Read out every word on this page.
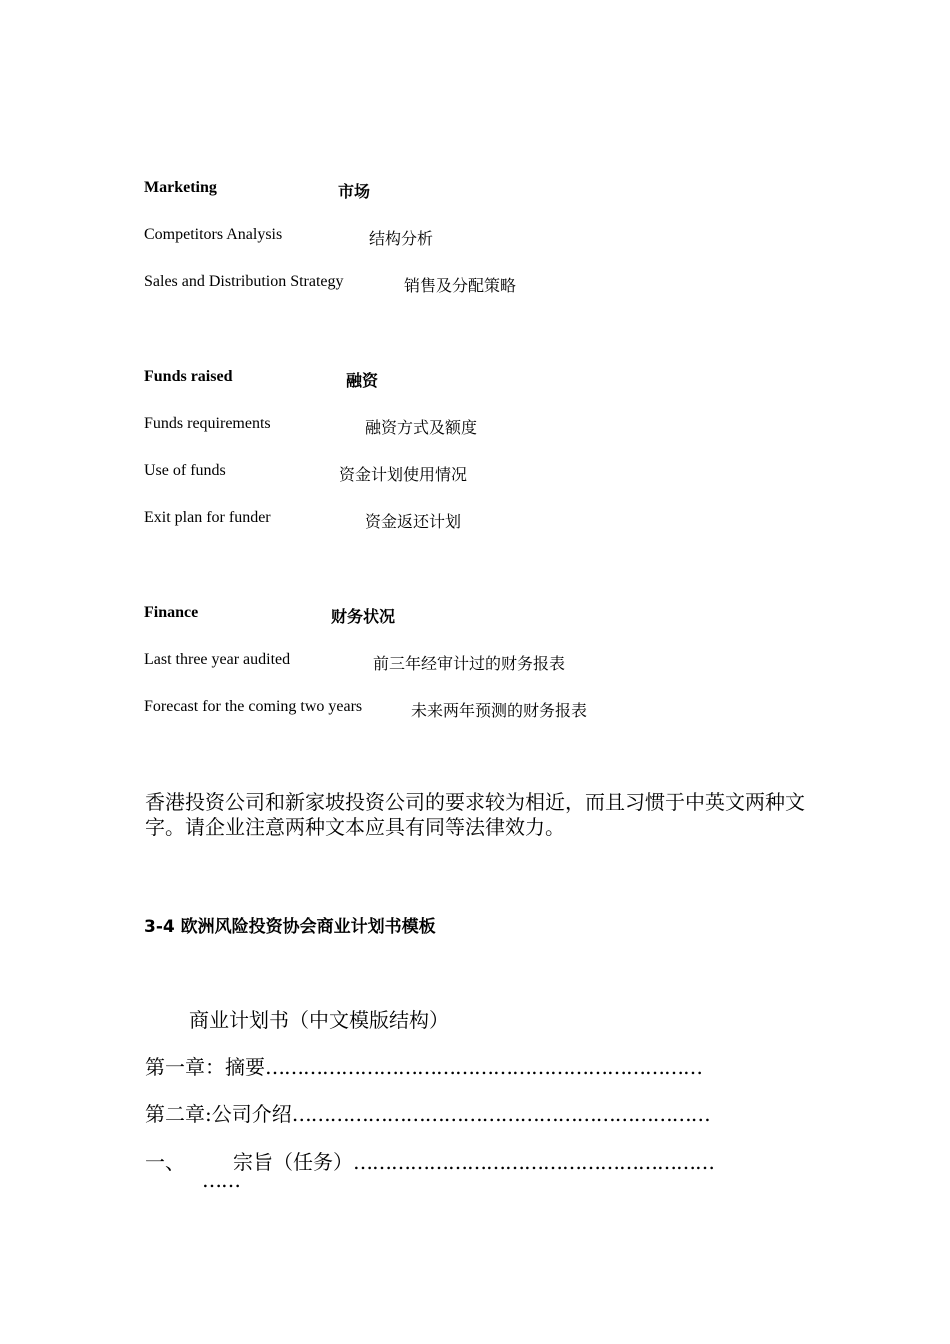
Marketing	市场
Competitors Analysis	结构分析
Sales and Distribution Strategy	销售及分配策略
Funds raised	融资
Funds requirements	融资方式及额度
Use of funds	资金计划使用情况
Exit plan for funder	资金返还计划
Finance	财务状况
Last three year audited	前三年经审计过的财务报表
Forecast for the coming two years	未来两年预测的财务报表
香港投资公司和新家坡投资公司的要求较为相近，而且习惯于中英文两种文字。请企业注意两种文本应具有同等法律效力。
3-4 欧洲风险投资协会商业计划书模板
商业计划书（中文模版结构）
第一章：摘要……………………………………………………………
第二章:公司介绍…………………………………………………………
一、 宗旨（任务）…………………………………………………
……
